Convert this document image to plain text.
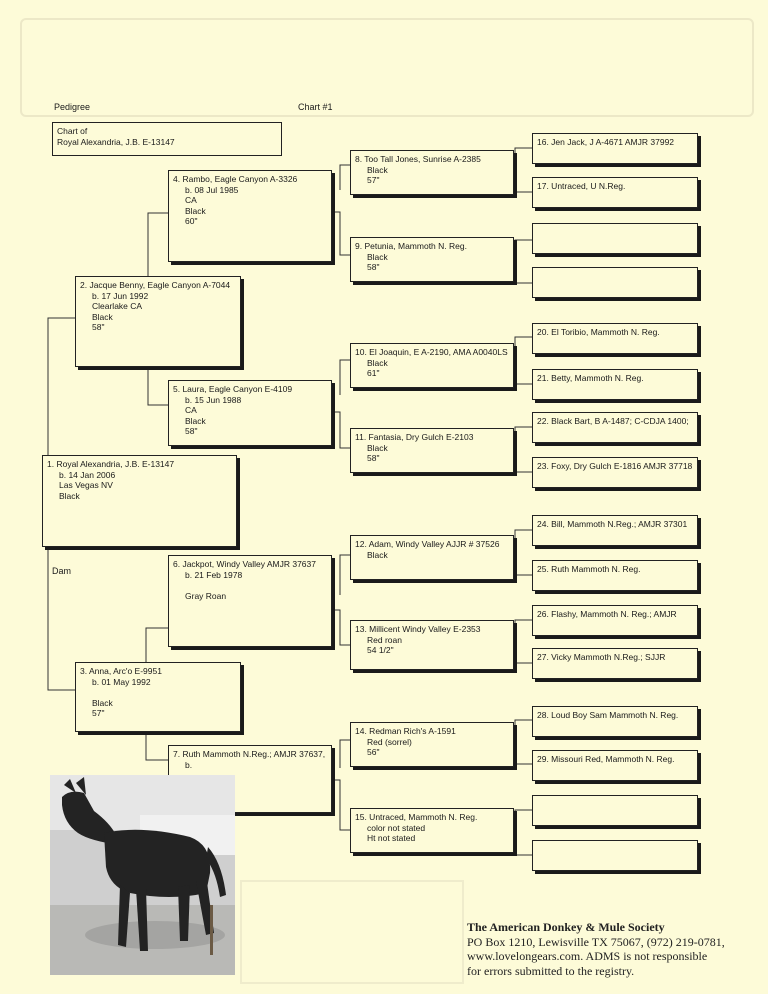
Pedigree	Chart #1
Dam
Chart of
Royal Alexandria, J.B. E-13147
1. Royal Alexandria, J.B. E-13147
b. 14 Jan 2006
Las Vegas NV
Black
2. Jacque Benny, Eagle Canyon A-7044
b. 17 Jun 1992
Clearlake CA
Black
58"
3. Anna, Arc'o E-9951
b. 01 May 1992
Black
57"
4. Rambo, Eagle Canyon A-3326
b. 08 Jul 1985
CA
Black
60"
5. Laura, Eagle Canyon E-4109
b. 15 Jun 1988
CA
Black
58"
6. Jackpot, Windy Valley AMJR 37637
b. 21 Feb 1978
Gray Roan
7. Ruth Mammoth N.Reg.; AMJR 37637,
b.
8. Too Tall Jones, Sunrise A-2385
Black
57"
9. Petunia, Mammoth N. Reg.
Black
58"
10. El Joaquin, E A-2190, AMA A0040LS
Black
61"
11. Fantasia, Dry Gulch E-2103
Black
58"
12. Adam, Windy Valley AJJR # 37526
Black
13. Millicent Windy Valley E-2353
Red roan
54 1/2"
14. Redman Rich's A-1591
Red (sorrel)
56"
15. Untraced, Mammoth N. Reg.
color not stated
Ht not stated
16. Jen Jack, J A-4671 AMJR 37992
17. Untraced, U N.Reg.
20. El Toribio, Mammoth N. Reg.
21. Betty, Mammoth N. Reg.
22. Black Bart, B A-1487; C-CDJA 1400;
23. Foxy, Dry Gulch E-1816 AMJR 37718
24. Bill, Mammoth N.Reg.; AMJR 37301
25. Ruth Mammoth N. Reg.
26. Flashy, Mammoth N. Reg.; AMJR
27. Vicky Mammoth N.Reg.; SJJR
28. Loud Boy Sam Mammoth N. Reg.
29. Missouri Red, Mammoth N. Reg.
The American Donkey & Mule Society
PO Box 1210, Lewisville TX 75067, (972) 219-0781,
www.lovelongears.com. ADMS is not responsible
for errors submitted to the registry.
